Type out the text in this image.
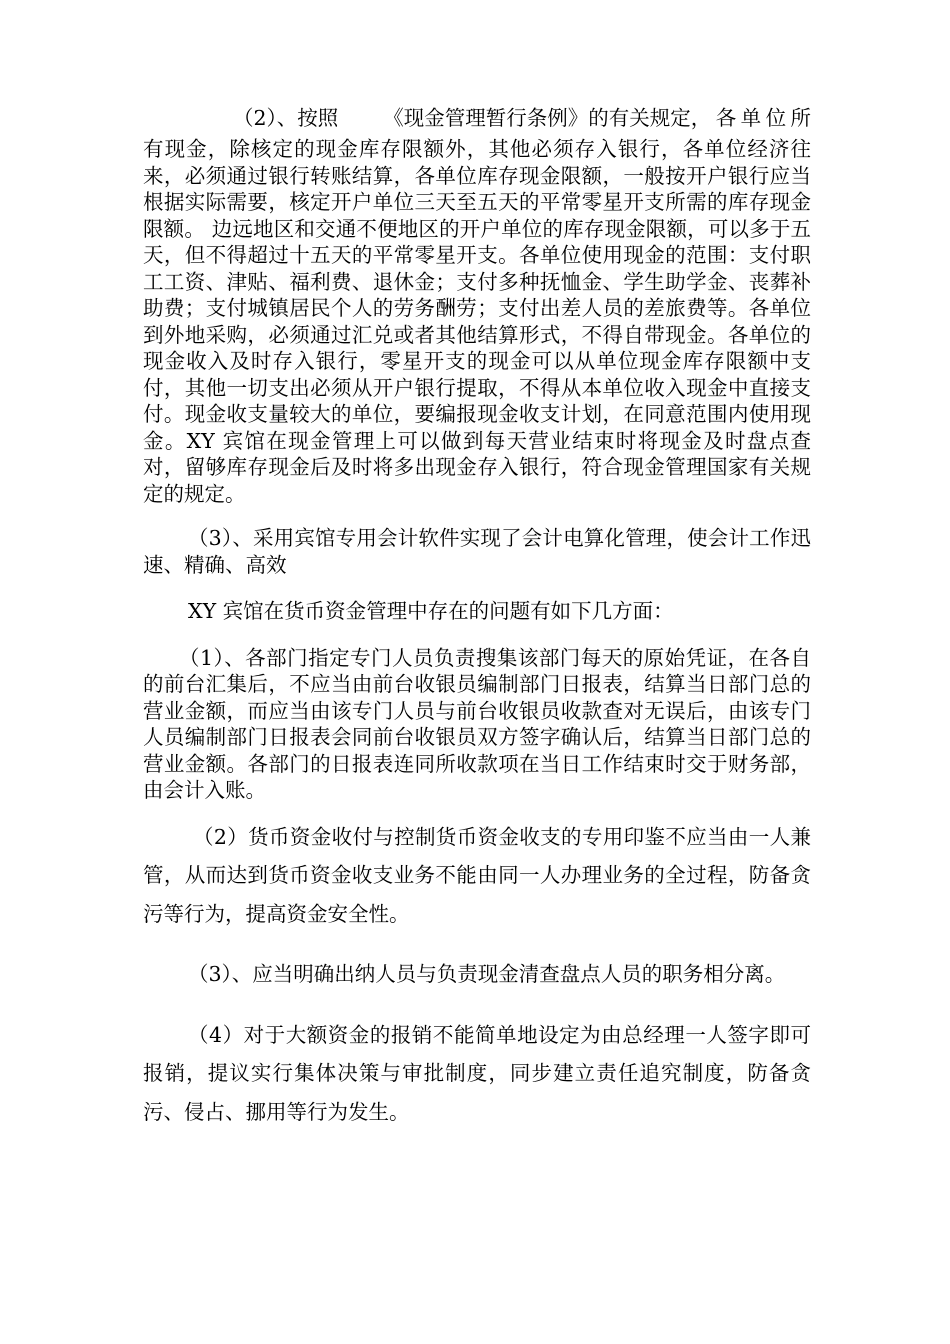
（2）、按照 《现金管理暂行条例》的有关规定，各单位所有现金，除核定的现金库存限额外，其他必须存入银行，各单位经济往来，必须通过银行转账结算，各单位库存现金限额，一般按开户银行应当根据实际需要，核定开户单位三天至五天的平常零星开支所需的库存现金限额。 边远地区和交通不便地区的开户单位的库存现金限额，可以多于五天，但不得超过十五天的平常零星开支。各单位使用现金的范围：支付职工工资、津贴、福利费、退休金；支付多种抚恤金、学生助学金、丧葬补助费；支付城镇居民个人的劳务酬劳；支付出差人员的差旅费等。各单位到外地采购，必须通过汇兑或者其他结算形式，不得自带现金。各单位的现金收入及时存入银行，零星开支的现金可以从单位现金库存限额中支付，其他一切支出必须从开户银行提取，不得从本单位收入现金中直接支付。现金收支量较大的单位，要编报现金收支计划，在同意范围内使用现金。XY 宾馆在现金管理上可以做到每天营业结束时将现金及时盘点查对，留够库存现金后及时将多出现金存入银行，符合现金管理国家有关规定的规定。

（3）、采用宾馆专用会计软件实现了会计电算化管理，使会计工作迅速、精确、高效

XY 宾馆在货币资金管理中存在的问题有如下几方面：

（1）、各部门指定专门人员负责搜集该部门每天的原始凭证，在各自的前台汇集后，不应当由前台收银员编制部门日报表，结算当日部门总的营业金额，而应当由该专门人员与前台收银员收款查对无误后，由该专门人员编制部门日报表会同前台收银员双方签字确认后，结算当日部门总的营业金额。各部门的日报表连同所收款项在当日工作结束时交于财务部，由会计入账。

（2）货币资金收付与控制货币资金收支的专用印鉴不应当由一人兼管，从而达到货币资金收支业务不能由同一人办理业务的全过程，防备贪污等行为，提高资金安全性。

（3）、应当明确出纳人员与负责现金清查盘点人员的职务相分离。

（4）对于大额资金的报销不能简单地设定为由总经理一人签字即可报销，提议实行集体决策与审批制度，同步建立责任追究制度，防备贪污、侵占、挪用等行为发生。
